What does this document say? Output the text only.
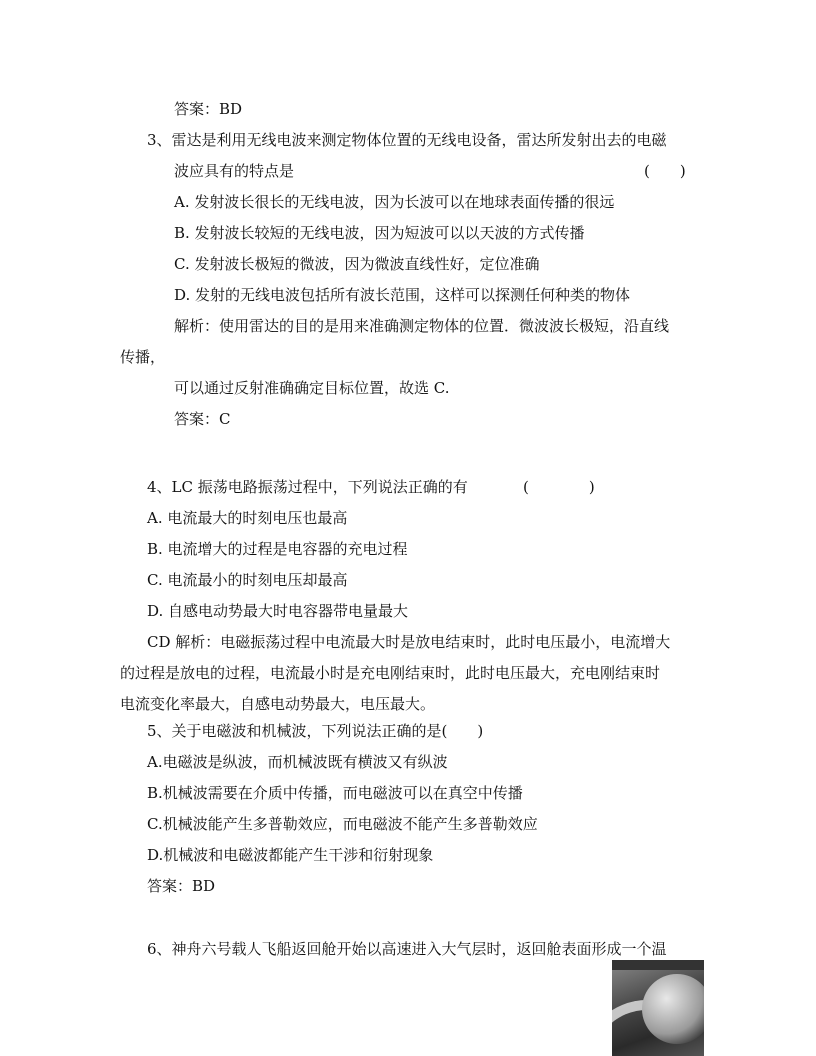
答案：BD
3、雷达是利用无线电波来测定物体位置的无线电设备，雷达所发射出去的电磁
波应具有的特点是	(　　)
A. 发射波长很长的无线电波，因为长波可以在地球表面传播的很远
B. 发射波长较短的无线电波，因为短波可以以天波的方式传播
C. 发射波长极短的微波，因为微波直线性好，定位准确
D. 发射的无线电波包括所有波长范围，这样可以探测任何种类的物体
解析：使用雷达的目的是用来准确测定物体的位置．微波波长极短，沿直线
传播，
可以通过反射准确确定目标位置，故选 C.
答案：C
4、LC 振荡电路振荡过程中，下列说法正确的有	(　　　　)
A. 电流最大的时刻电压也最高
B. 电流增大的过程是电容器的充电过程
C. 电流最小的时刻电压却最高
D. 自感电动势最大时电容器带电量最大
CD 解析：电磁振荡过程中电流最大时是放电结束时，此时电压最小，电流增大
的过程是放电的过程，电流最小时是充电刚结束时，此时电压最大，充电刚结束时
电流变化率最大，自感电动势最大，电压最大。
5、关于电磁波和机械波，下列说法正确的是(　　)
A.电磁波是纵波，而机械波既有横波又有纵波
B.机械波需要在介质中传播，而电磁波可以在真空中传播
C.机械波能产生多普勒效应，而电磁波不能产生多普勒效应
D.机械波和电磁波都能产生干涉和衍射现象
答案：BD
6、神舟六号载人飞船返回舱开始以高速进入大气层时，返回舱表面形成一个温
